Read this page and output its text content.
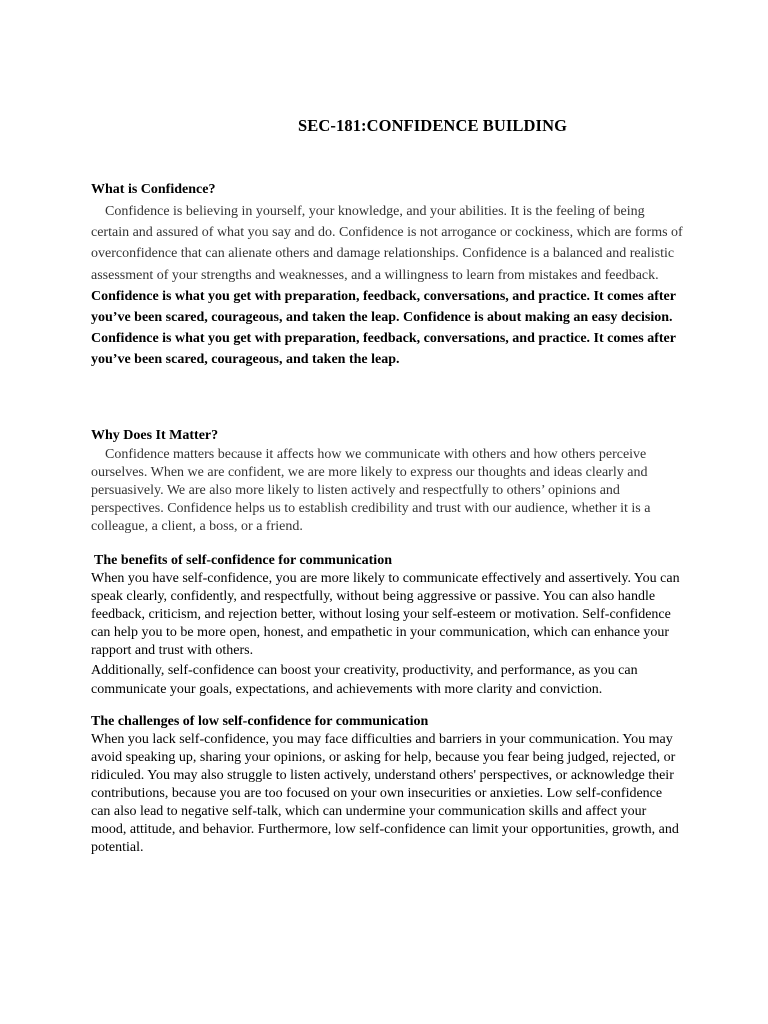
SEC-181:CONFIDENCE BUILDING

What is Confidence?

Confidence is believing in yourself, your knowledge, and your abilities. It is the feeling of being certain and assured of what you say and do. Confidence is not arrogance or cockiness, which are forms of overconfidence that can alienate others and damage relationships. Confidence is a balanced and realistic assessment of your strengths and weaknesses, and a willingness to learn from mistakes and feedback.

Confidence is what you get with preparation, feedback, conversations, and practice. It comes after you’ve been scared, courageous, and taken the leap. Confidence is about making an easy decision. Confidence is what you get with preparation, feedback, conversations, and practice. It comes after you’ve been scared, courageous, and taken the leap.

Why Does It Matter?

Confidence matters because it affects how we communicate with others and how others perceive ourselves. When we are confident, we are more likely to express our thoughts and ideas clearly and persuasively. We are also more likely to listen actively and respectfully to others’ opinions and perspectives. Confidence helps us to establish credibility and trust with our audience, whether it is a colleague, a client, a boss, or a friend.

The benefits of self-confidence for communication

When you have self-confidence, you are more likely to communicate effectively and assertively. You can speak clearly, confidently, and respectfully, without being aggressive or passive. You can also handle feedback, criticism, and rejection better, without losing your self-esteem or motivation. Self-confidence can help you to be more open, honest, and empathetic in your communication, which can enhance your rapport and trust with others.

Additionally, self-confidence can boost your creativity, productivity, and performance, as you can communicate your goals, expectations, and achievements with more clarity and conviction.

The challenges of low self-confidence for communication

When you lack self-confidence, you may face difficulties and barriers in your communication. You may avoid speaking up, sharing your opinions, or asking for help, because you fear being judged, rejected, or ridiculed. You may also struggle to listen actively, understand others' perspectives, or acknowledge their contributions, because you are too focused on your own insecurities or anxieties. Low self-confidence can also lead to negative self-talk, which can undermine your communication skills and affect your mood, attitude, and behavior. Furthermore, low self-confidence can limit your opportunities, growth, and potential.
